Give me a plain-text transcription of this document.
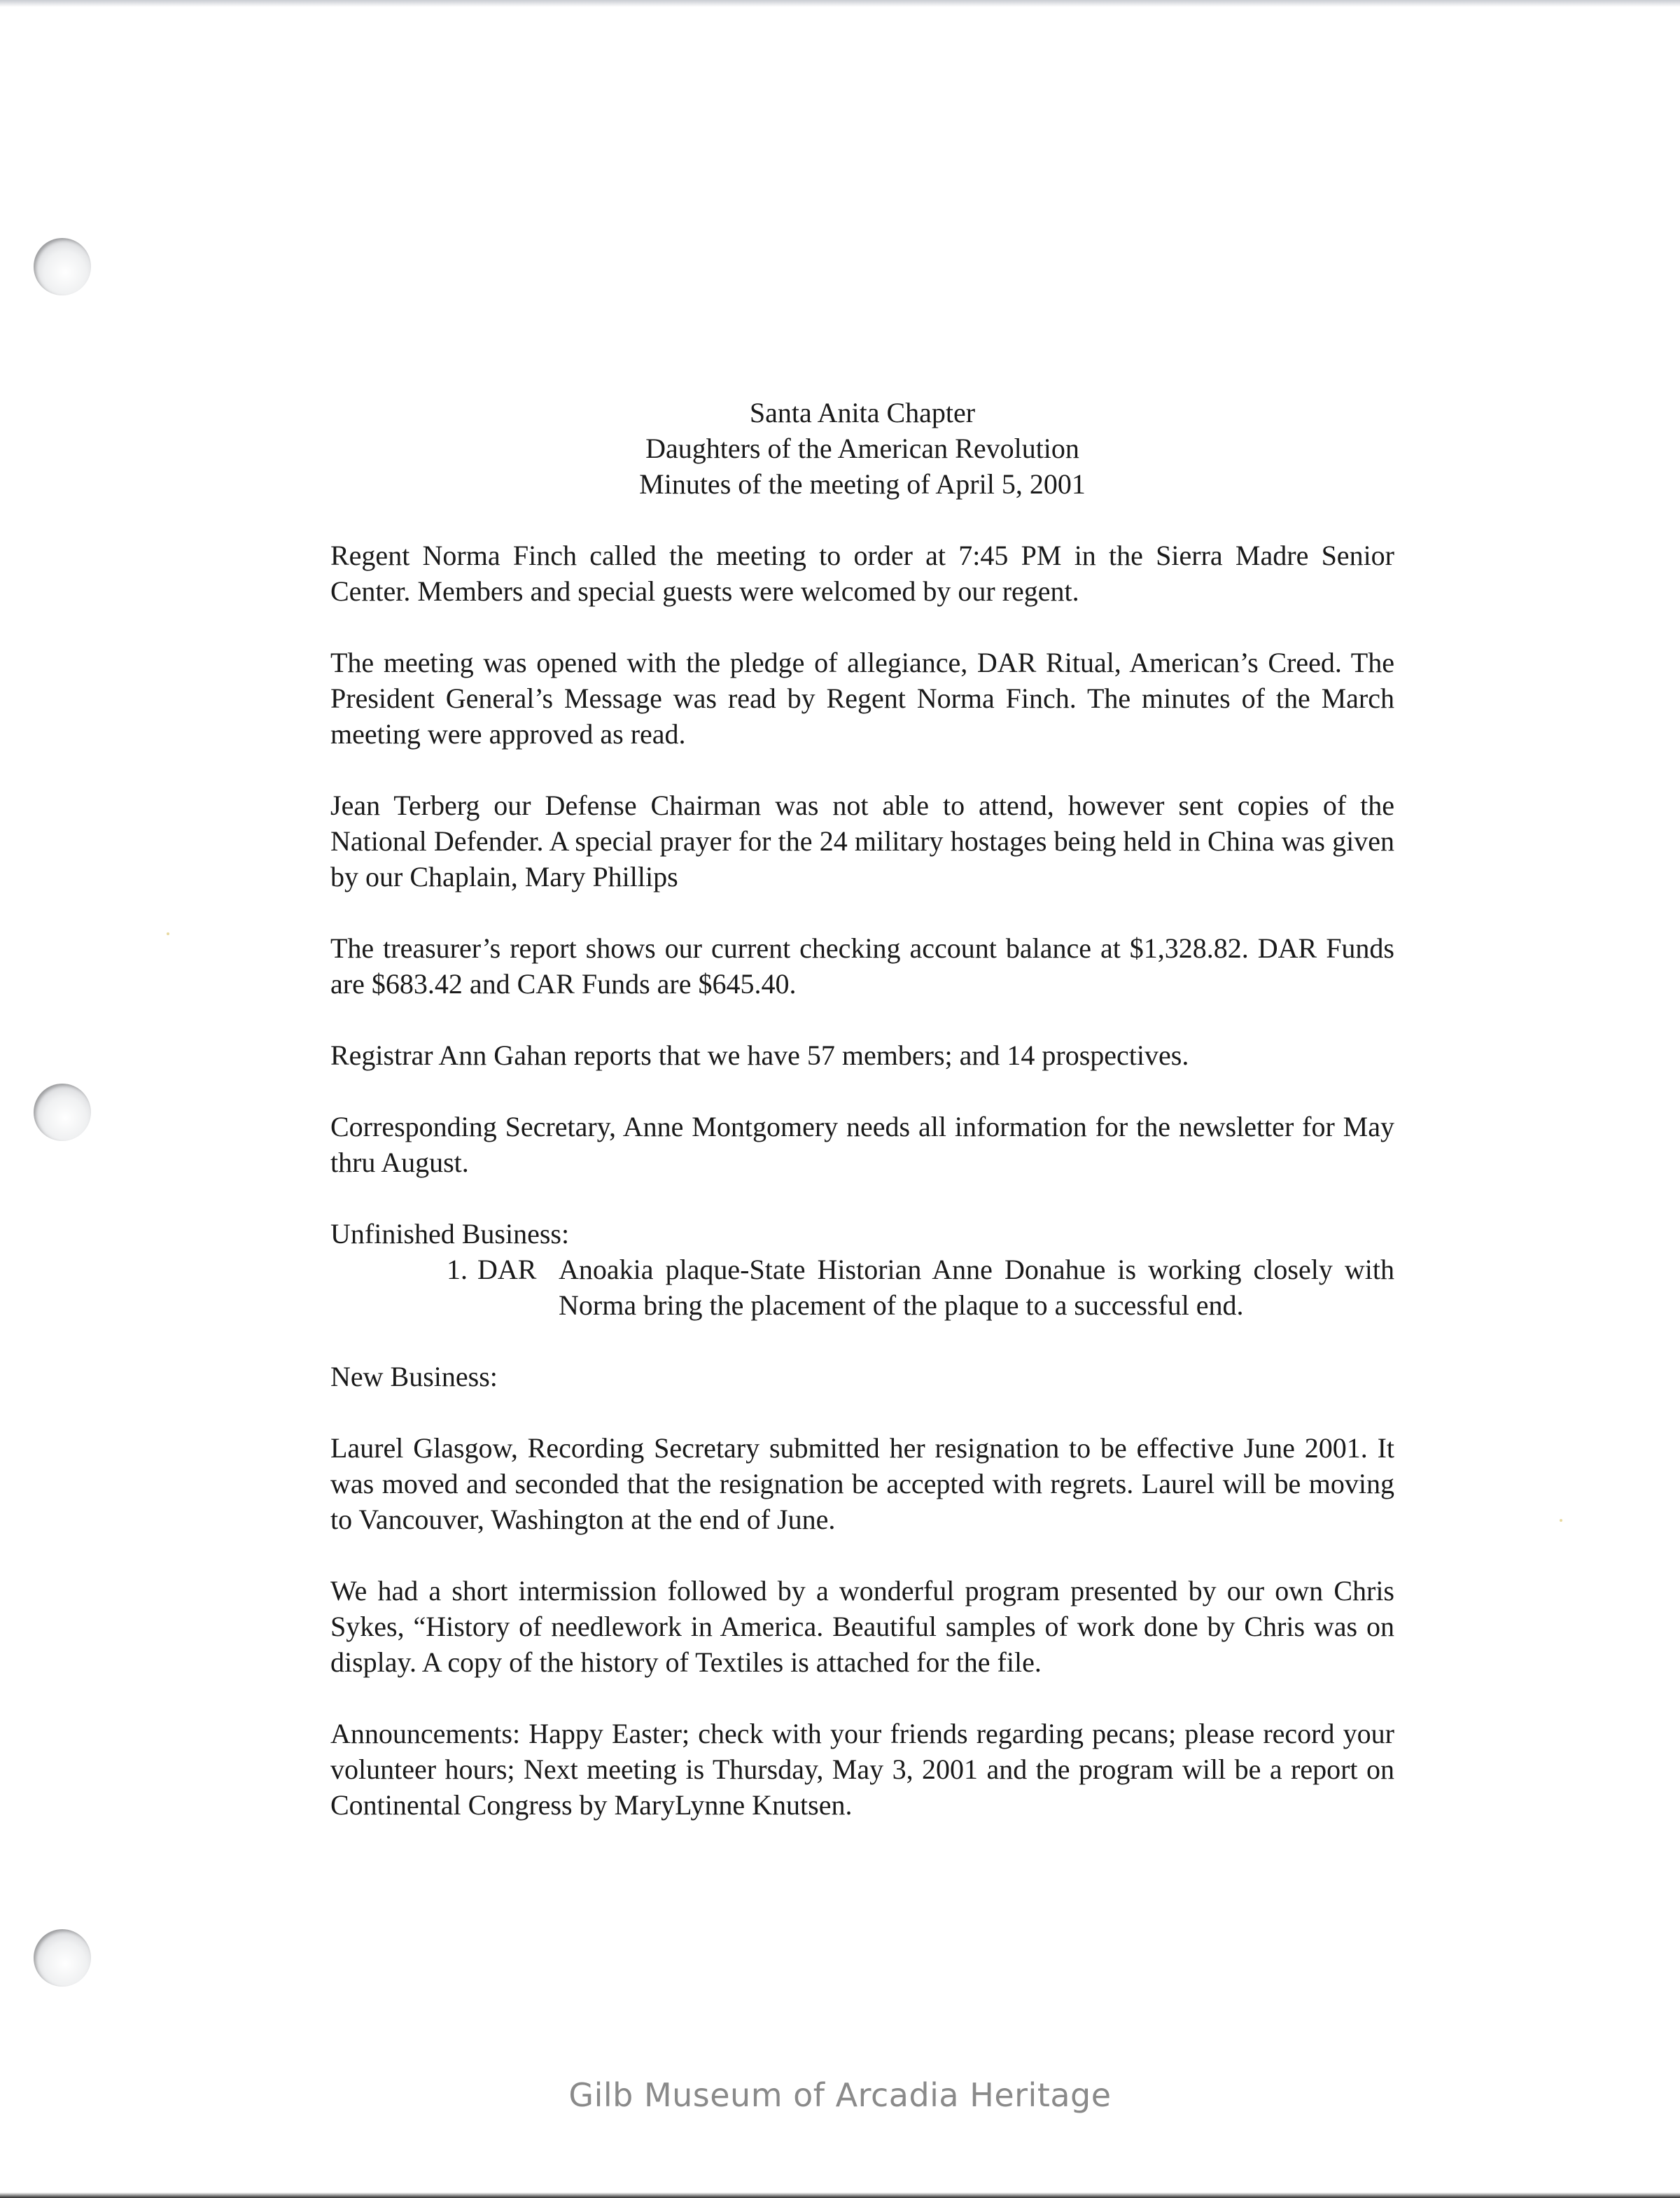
Santa Anita Chapter
Daughters of the American Revolution
Minutes of the meeting of April 5, 2001

Regent Norma Finch called the meeting to order at 7:45 PM in the Sierra Madre Senior Center. Members and special guests were welcomed by our regent.

The meeting was opened with the pledge of allegiance, DAR Ritual, American’s Creed. The President General’s Message was read by Regent Norma Finch. The minutes of the March meeting were approved as read.

Jean Terberg our Defense Chairman was not able to attend, however sent copies of the National Defender. A special prayer for the 24 military hostages being held in China was given by our Chaplain, Mary Phillips

The treasurer’s report shows our current checking account balance at $1,328.82. DAR Funds are $683.42 and CAR Funds are $645.40.

Registrar Ann Gahan reports that we have 57 members; and 14 prospectives.

Corresponding Secretary, Anne Montgomery needs all information for the newsletter for May thru August.

Unfinished Business:

1. DAR Anoakia plaque-State Historian Anne Donahue is working closely with Norma bring the placement of the plaque to a successful end.

New Business:

Laurel Glasgow, Recording Secretary submitted her resignation to be effective June 2001. It was moved and seconded that the resignation be accepted with regrets. Laurel will be moving to Vancouver, Washington at the end of June.

We had a short intermission followed by a wonderful program presented by our own Chris Sykes, “History of needlework in America. Beautiful samples of work done by Chris was on display. A copy of the history of Textiles is attached for the file.

Announcements: Happy Easter; check with your friends regarding pecans; please record your volunteer hours; Next meeting is Thursday, May 3, 2001 and the program will be a report on Continental Congress by MaryLynne Knutsen.

Gilb Museum of Arcadia Heritage
